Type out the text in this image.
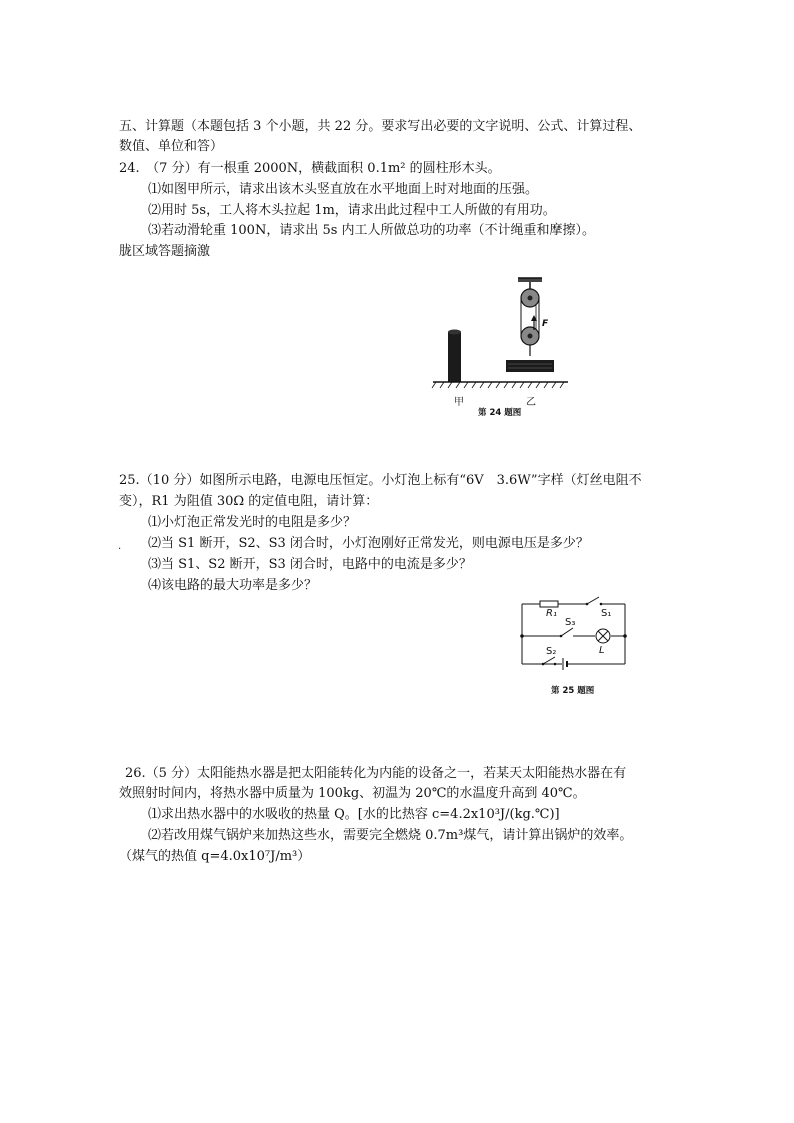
五、计算题（本题包括 3 个小题，共 22 分。要求写出必要的文字说明、公式、计算过程、
数值、单位和答）
24.　（7 分）有一根重 2000N，横截面积 0.1m² 的圆柱形木头。
⑴如图甲所示，请求出该木头竖直放在水平地面上时对地面的压强。
⑵用时 5s，工人将木头拉起 1m，请求出此过程中工人所做的有用功。
⑶若动滑轮重 100N，请求出 5s 内工人所做总功的功率（不计绳重和摩擦）。
胧区域答题摘激
F
甲	乙
第 24 题图
25.（10 分）如图所示电路，电源电压恒定。小灯泡上标有“6V　3.6W”字样（灯丝电阻不
变），R1 为阻值 30Ω 的定值电阻，请计算：
⑴小灯泡正常发光时的电阻是多少？
. ⑵当 S1 断开，S2、S3 闭合时，小灯泡刚好正常发光，则电源电压是多少？
⑶当 S1、S2 断开，S3 闭合时，电路中的电流是多少？
⑷该电路的最大功率是多少？
R₁	S₁
S₃
S₂	L
第 25 题图
26.（5 分）太阳能热水器是把太阳能转化为内能的设备之一，若某天太阳能热水器在有
效照射时间内，将热水器中质量为 100kg、初温为 20℃的水温度升高到 40℃。
⑴求出热水器中的水吸收的热量 Q。[水的比热容 c=4.2x10³J/(kg.℃)]
⑵若改用煤气锅炉来加热这些水，需要完全燃烧 0.7m³煤气，请计算出锅炉的效率。
（煤气的热值 q=4.0x10⁷J/m³）
